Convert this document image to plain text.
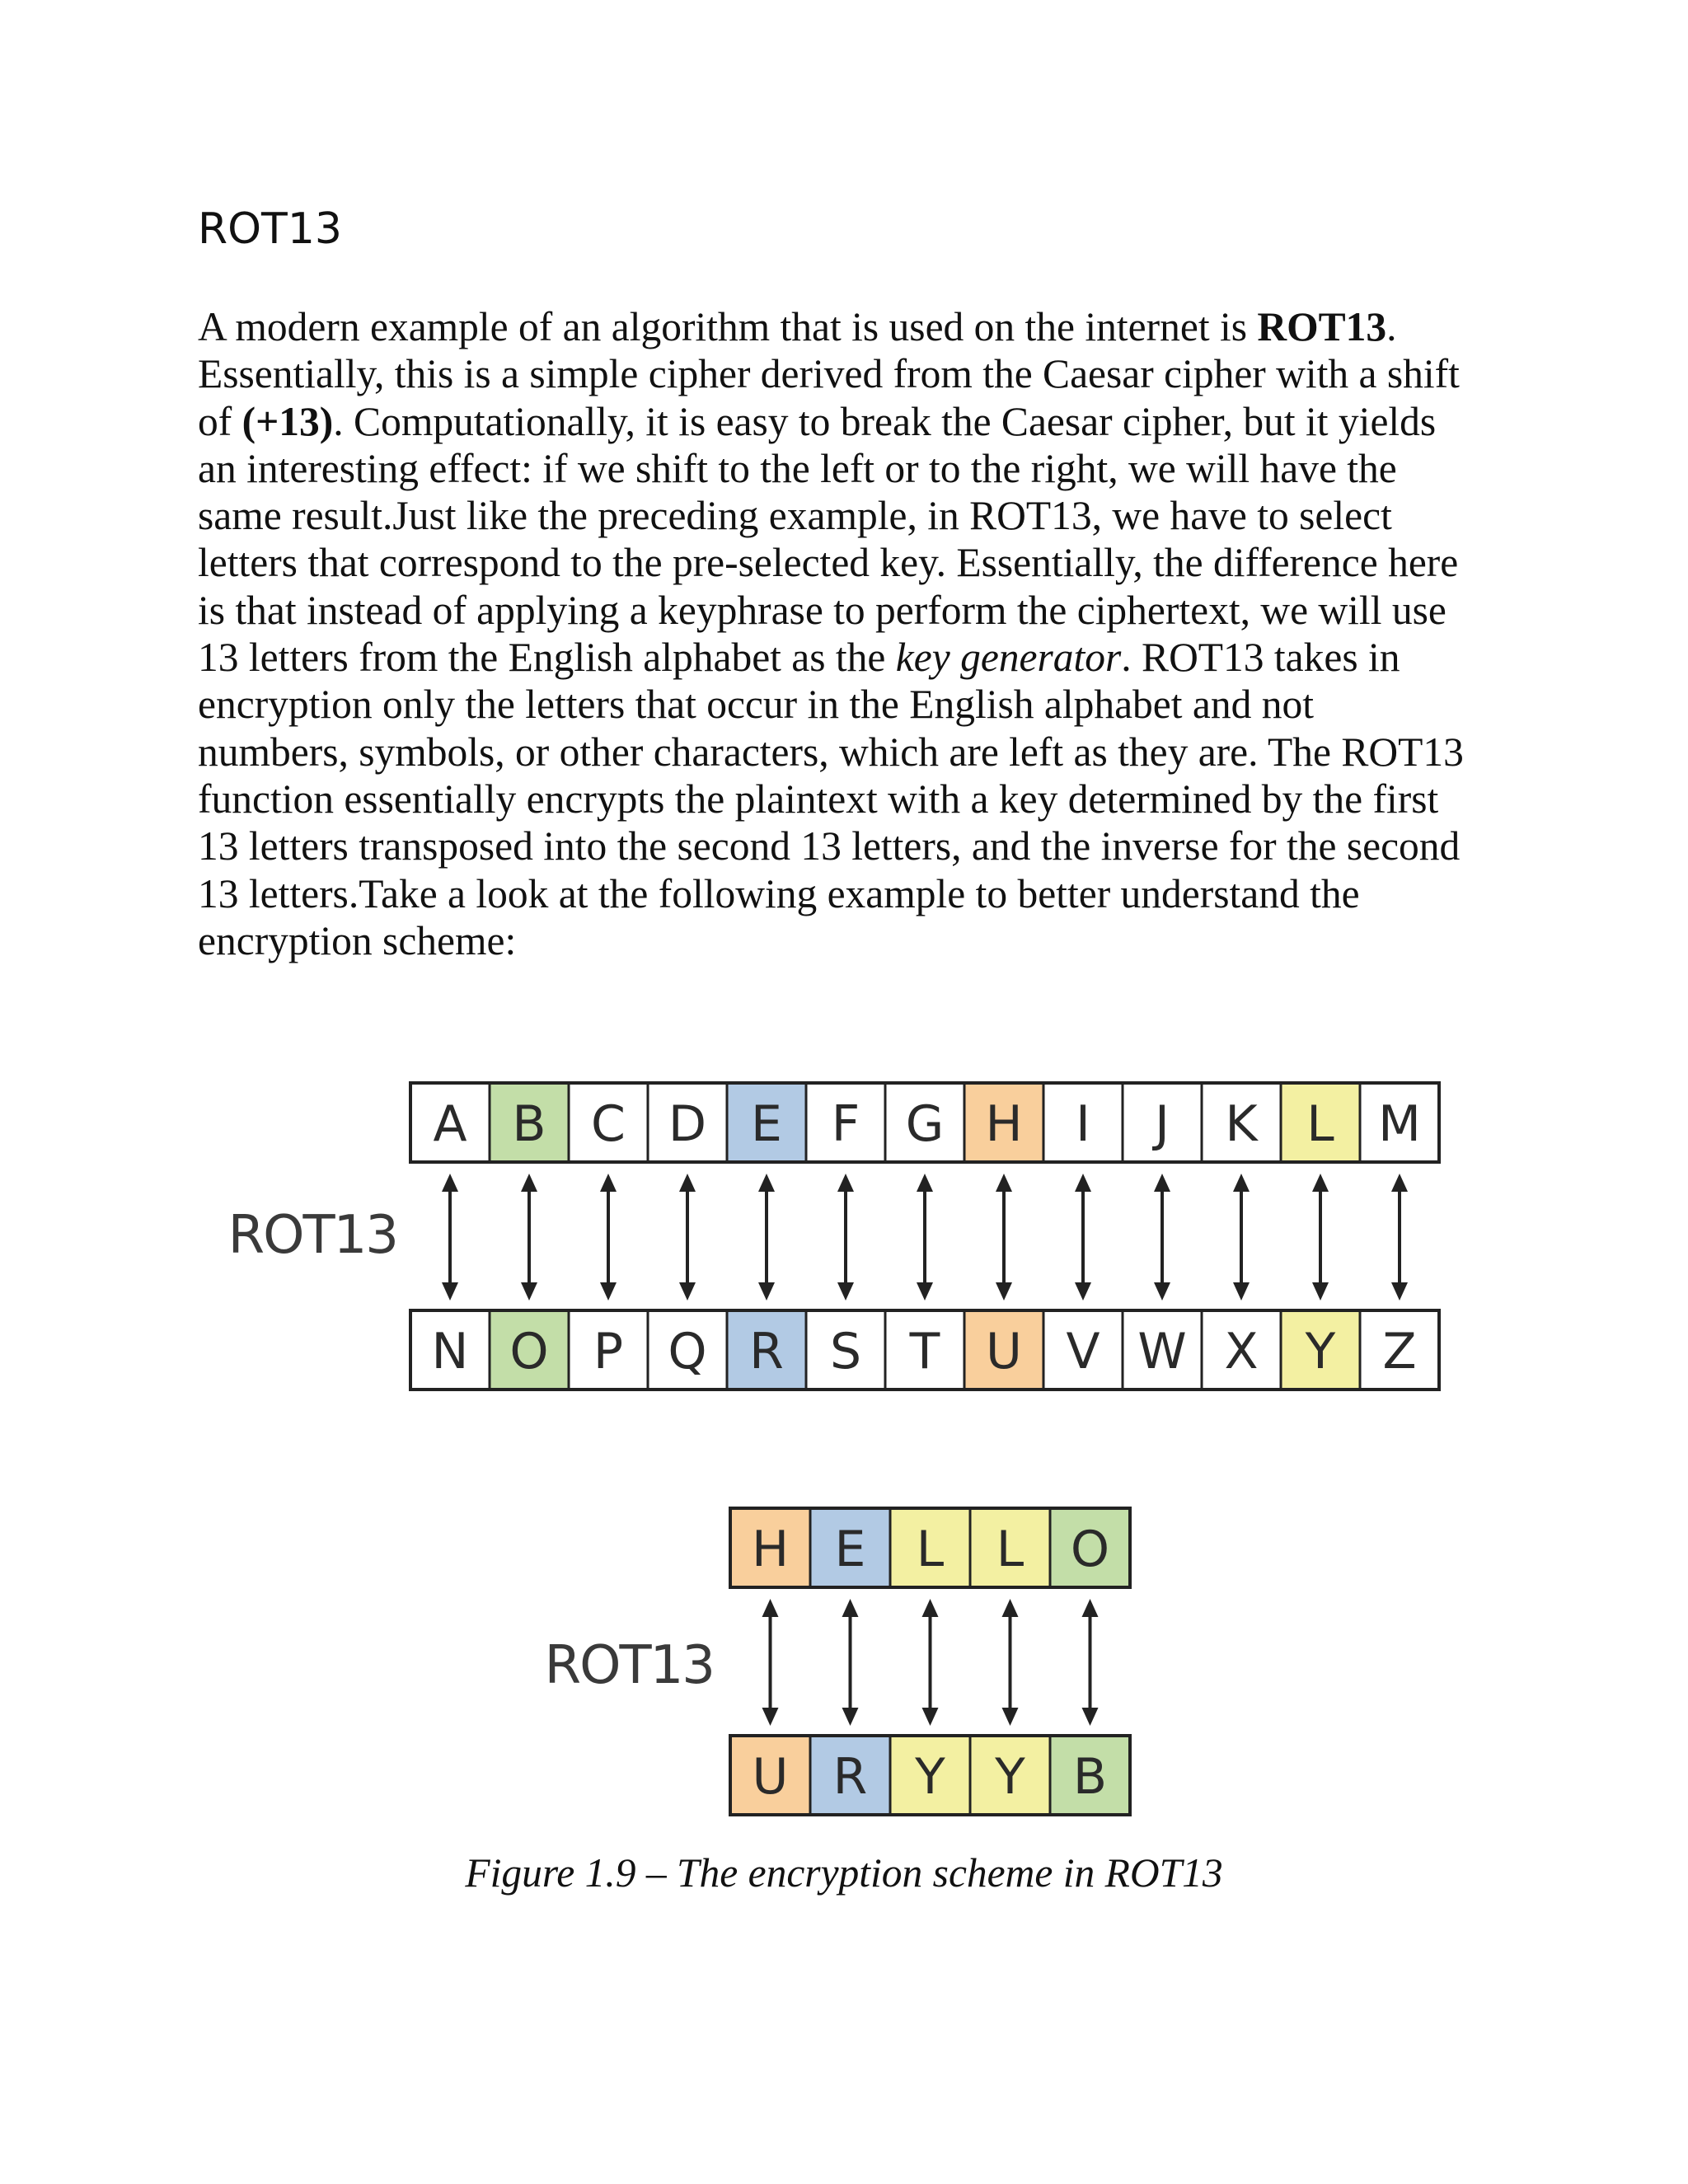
ROT13
A modern example of an algorithm that is used on the internet is ROT13.
Essentially, this is a simple cipher derived from the Caesar cipher with a shift
of (+13). Computationally, it is easy to break the Caesar cipher, but it yields
an interesting effect: if we shift to the left or to the right, we will have the
same result.Just like the preceding example, in ROT13, we have to select
letters that correspond to the pre-selected key. Essentially, the difference here
is that instead of applying a keyphrase to perform the ciphertext, we will use
13 letters from the English alphabet as the key generator. ROT13 takes in
encryption only the letters that occur in the English alphabet and not
numbers, symbols, or other characters, which are left as they are. The ROT13
function essentially encrypts the plaintext with a key determined by the first
13 letters transposed into the second 13 letters, and the inverse for the second
13 letters.Take a look at the following example to better understand the
encryption scheme:
A B C D E F G H I J K L M
N O P Q R S T U V W X Y Z
ROT13
H E L L O
U R Y Y B
ROT13

Figure 1.9 – The encryption scheme in ROT13
